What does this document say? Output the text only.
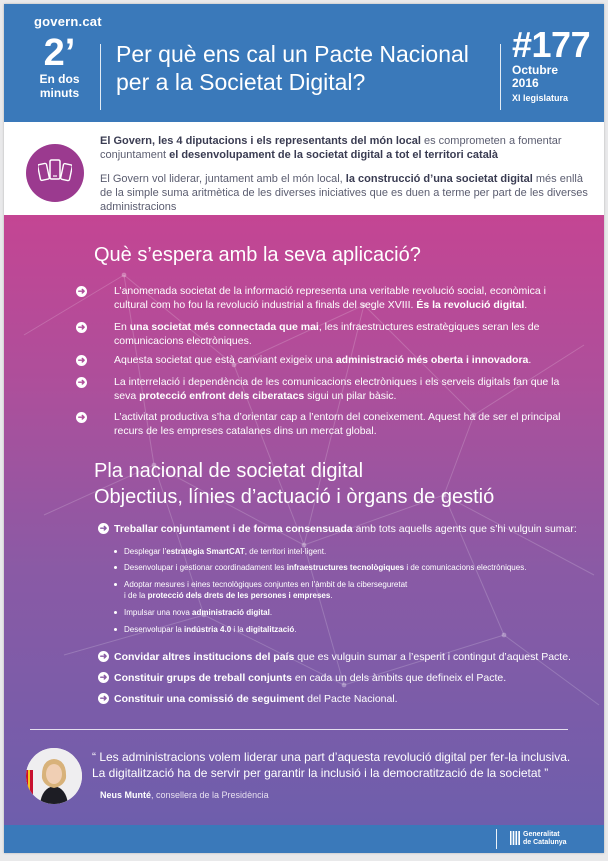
govern.cat
2’
En dos
minuts
Per què ens cal un Pacte Nacional
per a la Societat Digital?
#177
Octubre
2016
XI legislatura

El Govern, les 4 diputacions i els representants del món local es comprometen a fomentar conjuntament el desenvolupament de la societat digital a tot el territori català

El Govern vol liderar, juntament amb el món local, la construcció d’una societat digital més enllà de la simple suma aritmètica de les diverses iniciatives que es duen a terme per part de les diverses administracions

Què s’espera amb la seva aplicació?
➜	L’anomenada societat de la informació representa una veritable revolució social, econòmica i cultural com ho fou la revolució industrial a finals del segle XVIII. És la revolució digital.
➜	En una societat més connectada que mai, les infraestructures estratègiques seran les de comunicacions electròniques.
➜	Aquesta societat que està canviant exigeix una administració més oberta i innovadora.
➜	La interrelació i dependència de les comunicacions electròniques i els serveis digitals fan que la seva protecció enfront dels ciberatacs sigui un pilar bàsic.
➜	L’activitat productiva s’ha d’orientar cap a l’entorn del coneixement. Aquest ha de ser el principal recurs de les empreses catalanes dins un mercat global.
Pla nacional de societat digital
Objectius, línies d’actuació i òrgans de gestió
➜ Treballar conjuntament i de forma consensuada amb tots aquells agents que s’hi vulguin sumar:
Desplegar l’estratègia SmartCAT, de territori intel·ligent.
Desenvolupar i gestionar coordinadament les infraestructures tecnològiques i de comunicacions electròniques.
Adoptar mesures i eines tecnològiques conjuntes en l’àmbit de la ciberseguretat
i de la protecció dels drets de les persones i empreses.
Impulsar una nova administració digital.
Desenvolupar la indústria 4.0 i la digitalització.
➜ Convidar altres institucions del país que es vulguin sumar a l’esperit i contingut d’aquest Pacte.
➜ Constituir grups de treball conjunts en cada un dels àmbits que defineix el Pacte.
➜ Constituir una comissió de seguiment del Pacte Nacional.
“ Les administracions volem liderar una part d’aquesta revolució digital per fer-la inclusiva.
La digitalització ha de servir per garantir la inclusió i la democratització de la societat ”
Neus Munté, consellera de la Presidència
Generalitat
de Catalunya
